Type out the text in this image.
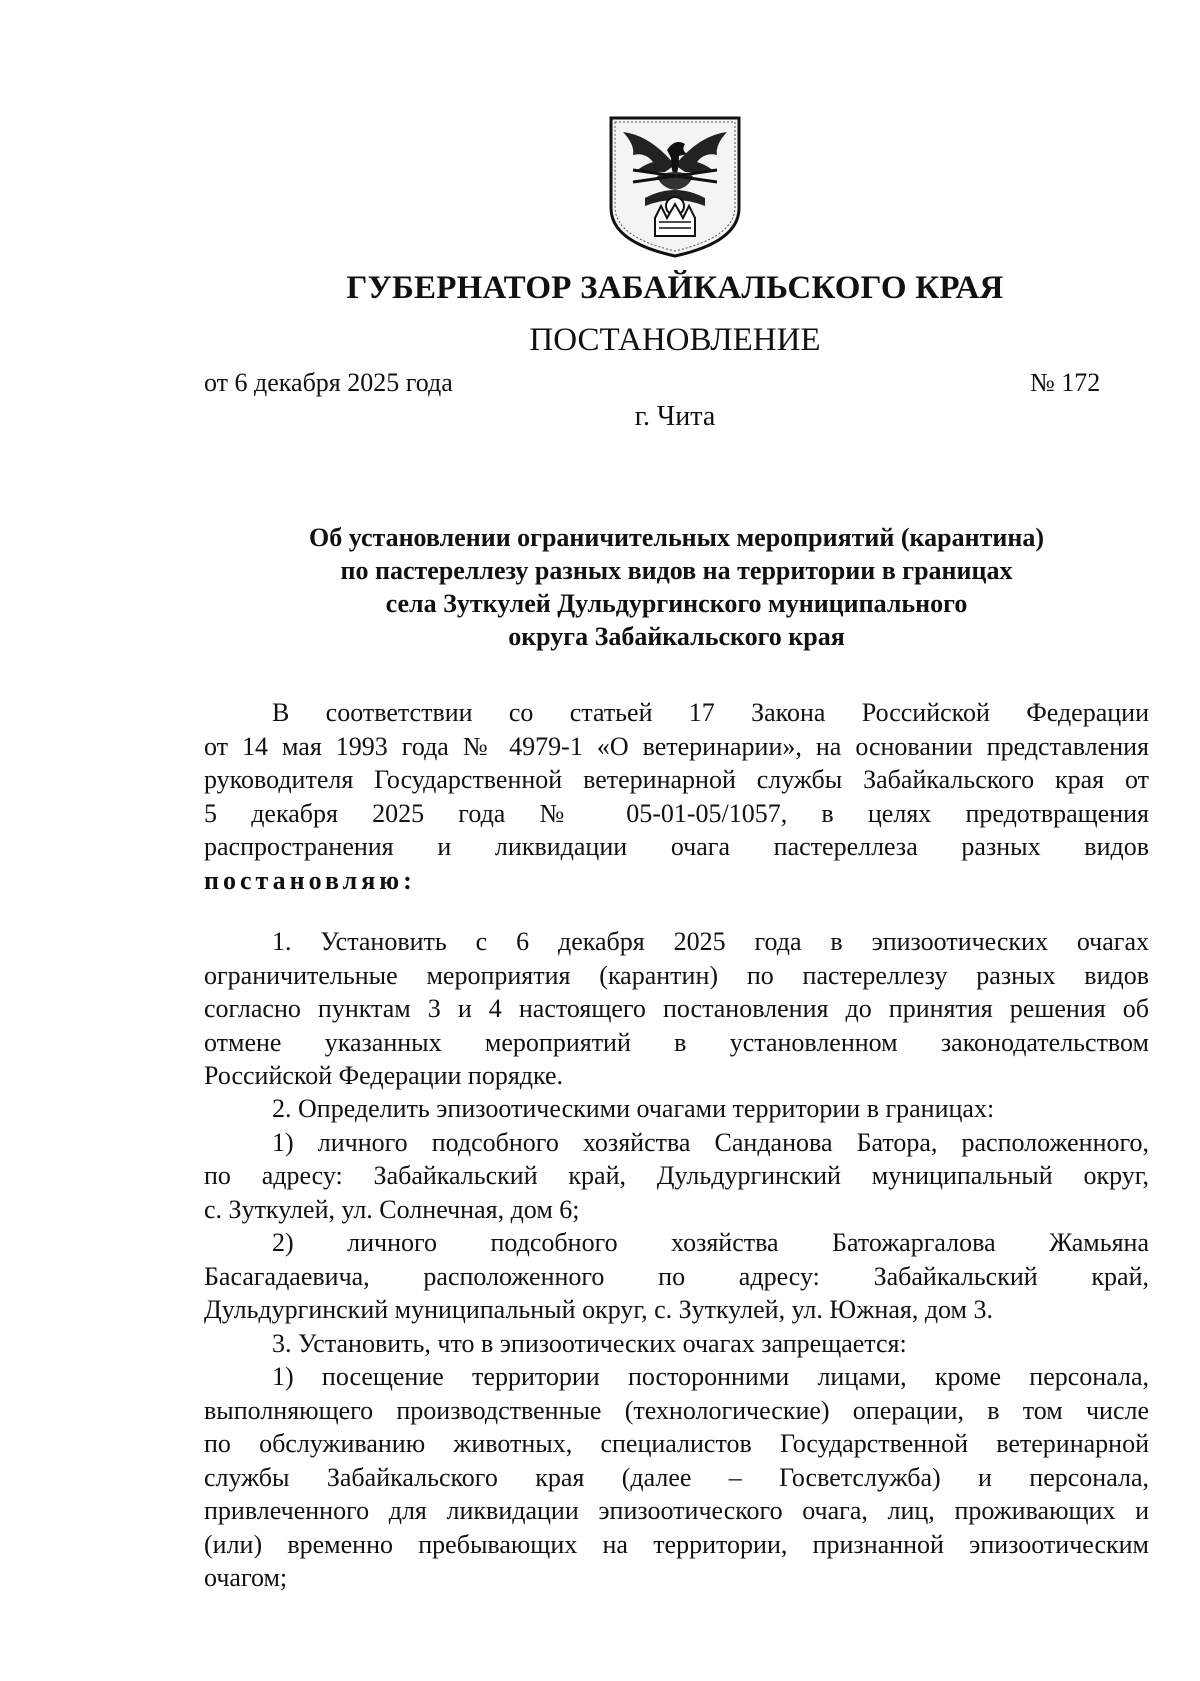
ГУБЕРНАТОР ЗАБАЙКАЛЬСКОГО КРАЯ
ПОСТАНОВЛЕНИЕ
от 6 декабря 2025 года	№ 172
г. Чита
Об установлении ограничительных мероприятий (карантина)
по пастереллезу разных видов на территории в границах
села Зуткулей Дульдургинского муниципального
округа Забайкальского края

В соответствии со статьей 17 Закона Российской Федерации

от 14 мая 1993 года № 4979-1 «О ветеринарии», на основании представления

руководителя Государственной ветеринарной службы Забайкальского края от

5 декабря 2025 года № 05-01-05/1057, в целях предотвращения

распространения и ликвидации очага пастереллеза разных видов

постановляю:

1. Установить с 6 декабря 2025 года в эпизоотических очагах

ограничительные мероприятия (карантин) по пастереллезу разных видов

согласно пунктам 3 и 4 настоящего постановления до принятия решения об

отмене указанных мероприятий в установленном законодательством

Российской Федерации порядке.

2. Определить эпизоотическими очагами территории в границах:

1) личного подсобного хозяйства Санданова Батора, расположенного,

по адресу: Забайкальский край, Дульдургинский муниципальный округ,

с. Зуткулей, ул. Солнечная, дом 6;

2) личного подсобного хозяйства Батожаргалова Жамьяна

Басагадаевича, расположенного по адресу: Забайкальский край,

Дульдургинский муниципальный округ, с. Зуткулей, ул. Южная, дом 3.

3. Установить, что в эпизоотических очагах запрещается:

1) посещение территории посторонними лицами, кроме персонала,

выполняющего производственные (технологические) операции, в том числе

по обслуживанию животных, специалистов Государственной ветеринарной

службы Забайкальского края (далее – Госветслужба) и персонала,

привлеченного для ликвидации эпизоотического очага, лиц, проживающих и

(или) временно пребывающих на территории, признанной эпизоотическим

очагом;
